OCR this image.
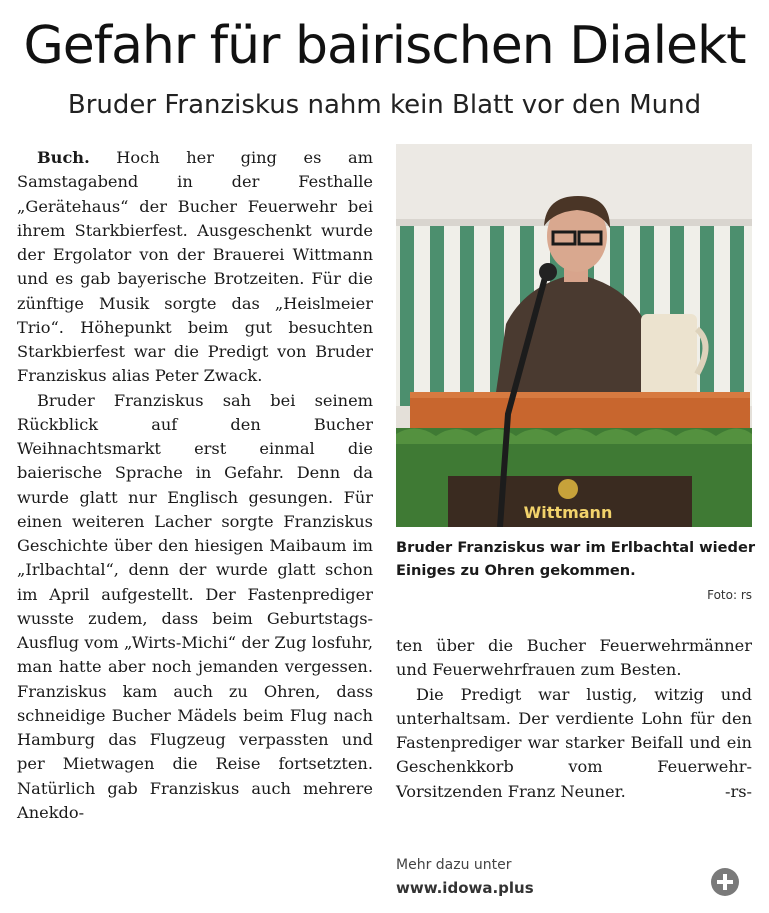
Gefahr für bairischen Dialekt
Bruder Franziskus nahm kein Blatt vor den Mund

Buch. Hoch her ging es am Samstagabend in der Festhalle „Gerätehaus“ der Bucher Feuerwehr bei ihrem Starkbierfest. Ausgeschenkt wurde der Ergolator von der Brauerei Wittmann und es gab bayerische Brotzeiten. Für die zünftige Musik sorgte das „Heislmeier Trio“. Höhepunkt beim gut besuchten Starkbierfest war die Predigt von Bruder Franziskus alias Peter Zwack.

Bruder Franziskus sah bei seinem Rückblick auf den Bucher Weihnachtsmarkt erst einmal die baierische Sprache in Gefahr. Denn da wurde glatt nur Englisch gesungen. Für einen weiteren Lacher sorgte Franziskus Geschichte über den hiesigen Maibaum im „Irlbachtal“, denn der wurde glatt schon im April aufgestellt. Der Fastenprediger wusste zudem, dass beim Geburtstags-Ausflug vom „Wirts-Michi“ der Zug losfuhr, man hatte aber noch jemanden vergessen. Franziskus kam auch zu Ohren, dass schneidige Bucher Mädels beim Flug nach Hamburg das Flugzeug verpassten und per Mietwagen die Reise fortsetzten. Natürlich gab Franziskus auch mehrere Anekdo-

Wittmann
Bruder Franziskus war im Erlbachtal wieder Einiges zu Ohren gekommen.
Foto: rs

ten über die Bucher Feuerwehrmänner und Feuerwehrfrauen zum Besten.

Die Predigt war lustig, witzig und unterhaltsam. Der verdiente Lohn für den Fastenprediger war starker Beifall und ein Geschenkkorb vom Feuerwehr-Vorsitzenden Franz Neuner.	-rs-

Mehr dazu unter
www.idowa.plus
